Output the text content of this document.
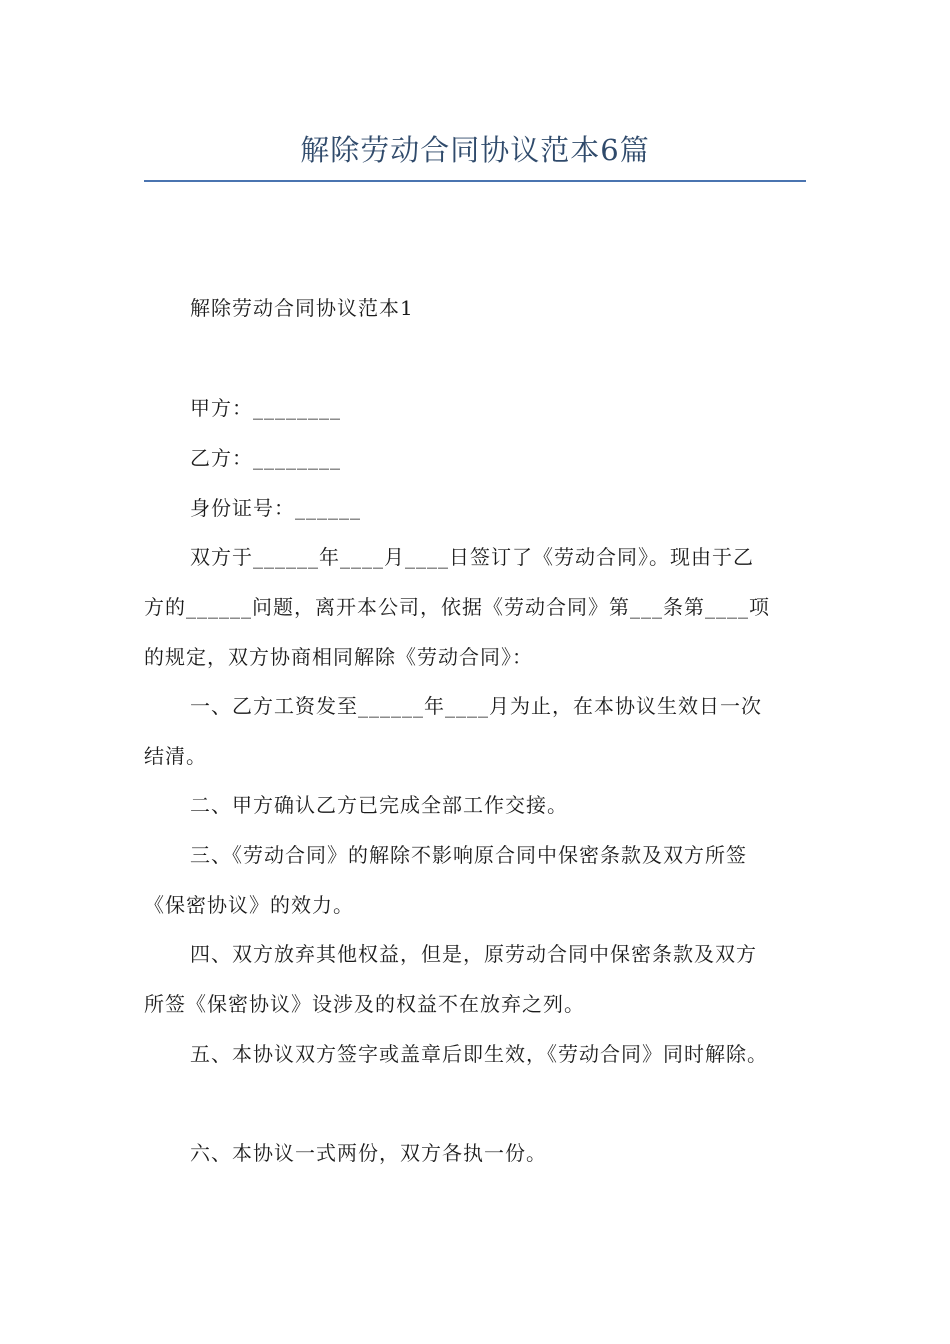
解除劳动合同协议范本6篇
解除劳动合同协议范本1
甲方：________
乙方：________
身份证号：______
双方于______年____月____日签订了《劳动合同》。现由于乙
方的______问题，离开本公司，依据《劳动合同》第___条第____项
的规定，双方协商相同解除《劳动合同》：
一、乙方工资发至______年____月为止，在本协议生效日一次
结清。
二、甲方确认乙方已完成全部工作交接。
三、《劳动合同》的解除不影响原合同中保密条款及双方所签
《保密协议》的效力。
四、双方放弃其他权益，但是，原劳动合同中保密条款及双方
所签《保密协议》设涉及的权益不在放弃之列。
五、本协议双方签字或盖章后即生效，《劳动合同》同时解除。
六、本协议一式两份，双方各执一份。
